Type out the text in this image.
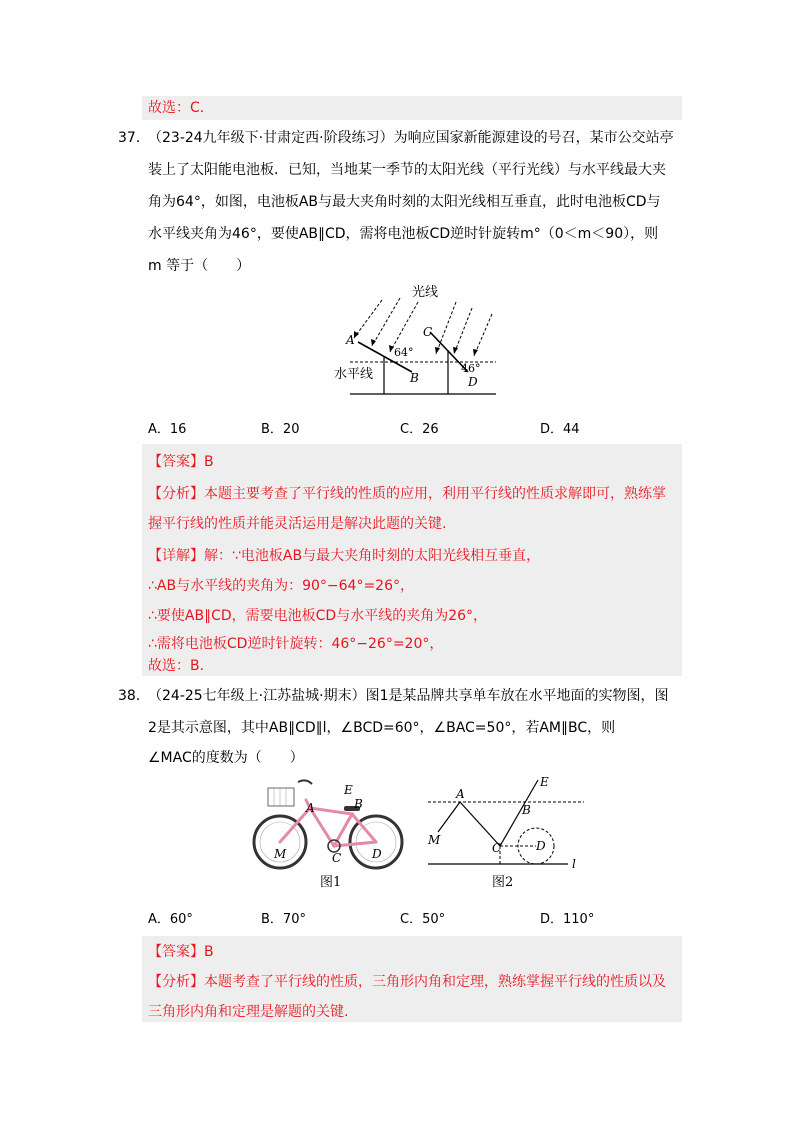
故选：C．
37．
（23-24九年级下·甘肃定西·阶段练习）为响应国家新能源建设的号召，某市公交站亭
装上了太阳能电池板．已知，当地某一季节的太阳光线（平行光线）与水平线最大夹
角为64°，如图，电池板AB与最大夹角时刻的太阳光线相互垂直，此时电池板CD与
水平线夹角为46°，要使AB∥CD，需将电池板CD逆时针旋转m°（0＜m＜90），则
m 等于（　　）
光线
A
B
C
D
64°
46°
水平线
A．16	B．20	C．26	D．44
【答案】B
【分析】本题主要考查了平行线的性质的应用，利用平行线的性质求解即可，熟练掌
握平行线的性质并能灵活运用是解决此题的关键.
【详解】解：∵电池板AB与最大夹角时刻的太阳光线相互垂直，
∴AB与水平线的夹角为：90°−64°=26°，
∴要使AB∥CD，需要电池板CD与水平线的夹角为26°，
∴需将电池板CD逆时针旋转：46°−26°=20°，
故选：B．
38．
（24-25七年级上·江苏盐城·期末）图1是某品牌共享单车放在水平地面的实物图，图
2是其示意图，其中AB∥CD∥l，∠BCD=60°，∠BAC=50°，若AM∥BC，则
∠MAC的度数为（　　）
E
A	B
M	C	D
图1
A
B
C	D
E
M
l
图2
A．60°	B．70°	C．50°	D．110°
【答案】B
【分析】本题考查了平行线的性质，三角形内角和定理，熟练掌握平行线的性质以及
三角形内角和定理是解题的关键.
